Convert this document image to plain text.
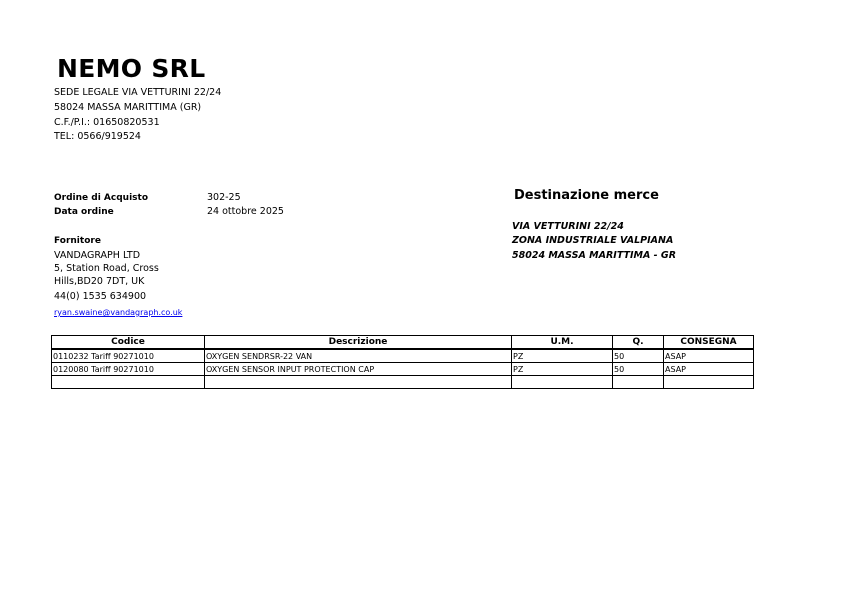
NEMO SRL
SEDE LEGALE VIA VETTURINI 22/24
58024 MASSA MARITTIMA (GR)
C.F./P.I.: 01650820531
TEL: 0566/919524
Ordine di Acquisto	302-25
Data ordine	24 ottobre 2025
Fornitore
VANDAGRAPH LTD
5, Station Road, Cross
Hills,BD20 7DT, UK
44(0) 1535 634900
ryan.swaine@vandagraph.co.uk
Destinazione merce
VIA VETTURINI 22/24
ZONA INDUSTRIALE VALPIANA
58024 MASSA MARITTIMA - GR
Codice	Descrizione	U.M.	Q.	CONSEGNA
0110232 Tariff 90271010	OXYGEN SENDRSR-22 VAN	PZ	50	ASAP
0120080 Tariff 90271010	OXYGEN SENSOR INPUT PROTECTION CAP	PZ	50	ASAP
